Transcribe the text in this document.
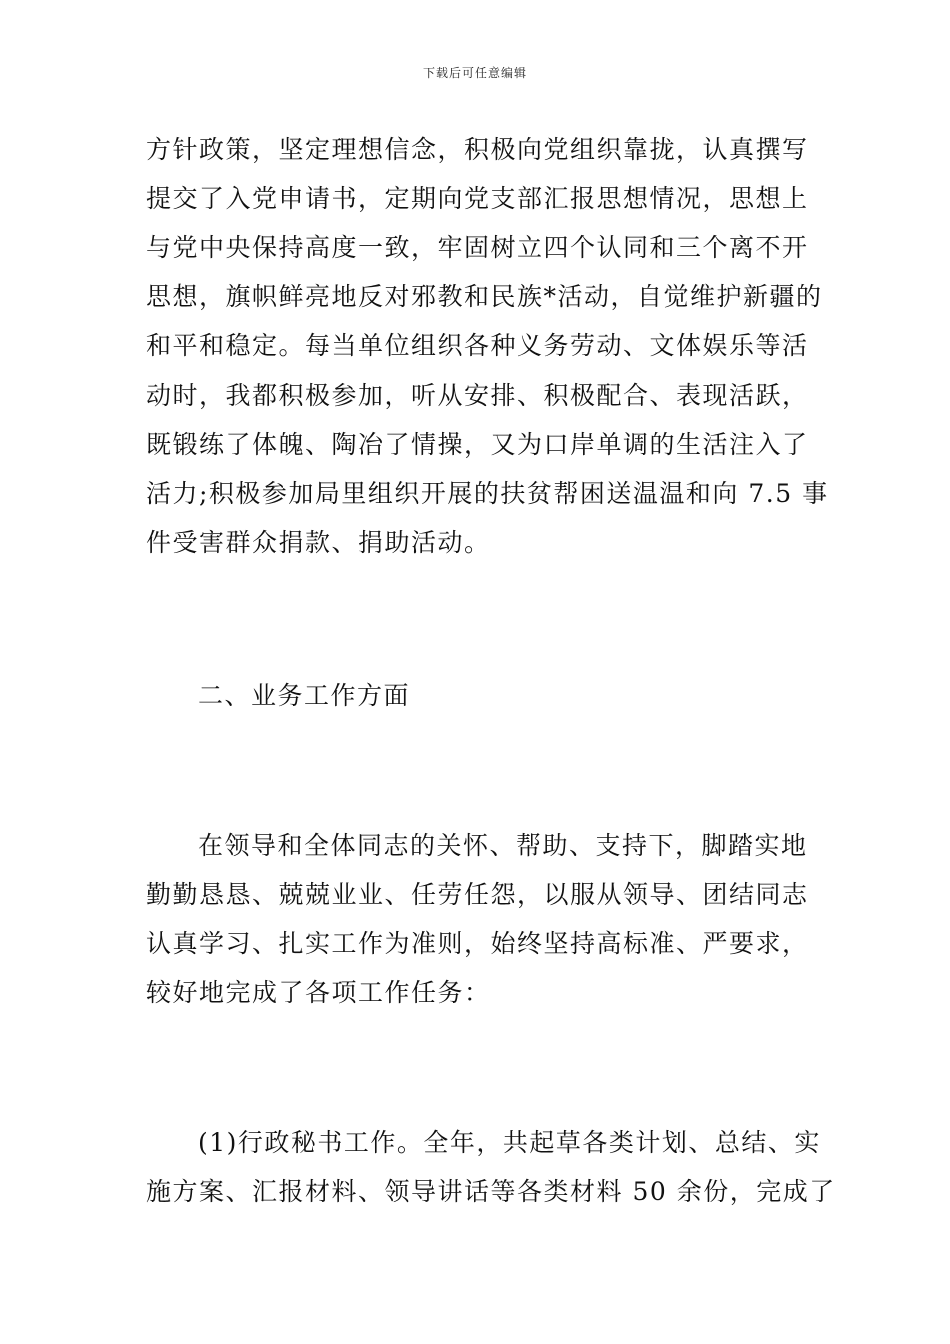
下载后可任意编辑
方针政策，坚定理想信念，积极向党组织靠拢，认真撰写
提交了入党申请书，定期向党支部汇报思想情况，思想上
与党中央保持高度一致，牢固树立四个认同和三个离不开
思想，旗帜鲜亮地反对邪教和民族*活动，自觉维护新疆的
和平和稳定。每当单位组织各种义务劳动、文体娱乐等活
动时，我都积极参加，听从安排、积极配合、表现活跃，
既锻练了体魄、陶冶了情操，又为口岸单调的生活注入了
活力;积极参加局里组织开展的扶贫帮困送温温和向 7.5 事
件受害群众捐款、捐助活动。
二、业务工作方面
在领导和全体同志的关怀、帮助、支持下，脚踏实地
勤勤恳恳、兢兢业业、任劳任怨，以服从领导、团结同志
认真学习、扎实工作为准则，始终坚持高标准、严要求，
较好地完成了各项工作任务：
(1)行政秘书工作。全年，共起草各类计划、总结、实
施方案、汇报材料、领导讲话等各类材料 50 余份，完成了
